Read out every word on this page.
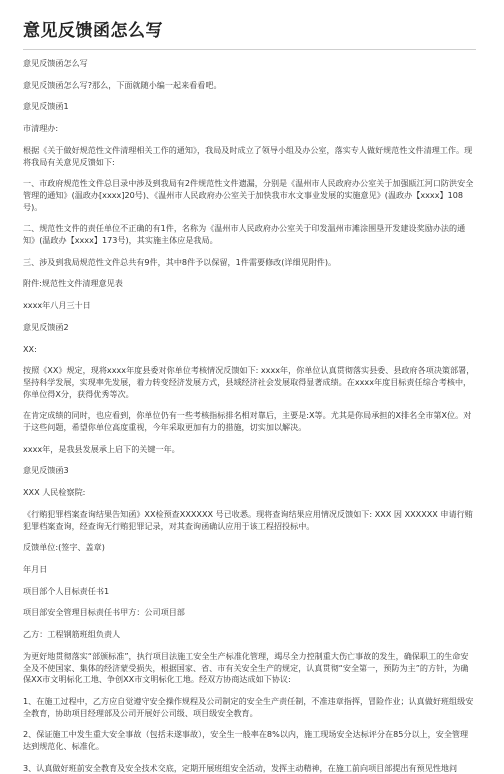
意见反馈函怎么写

意见反馈函怎么写

意见反馈函怎么写?那么，下面就随小编一起来看看吧。

意见反馈函1

市清理办:

根据《关于做好规范性文件清理相关工作的通知》，我局及时成立了领导小组及办公室，落实专人做好规范性文件清理工作。现将我局有关意见反馈如下:

一、市政府规范性文件总目录中涉及到我局有2件规范性文件遗漏，分别是《温州市人民政府办公室关于加强瓯江河口防洪安全管理的通知》(温政办[xxxx]20号)、《温州市人民政府办公室关于加快我市水文事业发展的实施意见》(温政办【xxxx】108号)。

二、规范性文件的责任单位不正确的有1件，名称为《温州市人民政府办公室关于印发温州市滩涂围垦开发建设奖励办法的通知》(温政办【xxxx】173号)，其实施主体应是我局。

三、涉及到我局规范性文件总共有9件，其中8件予以保留，1件需要修改(详细见附件)。

附件:规范性文件清理意见表

xxxx年八月三十日

意见反馈函2

XX:

按照《XX》规定，现将xxxx年度县委对你单位考核情况反馈如下: xxxx年，你单位认真贯彻落实县委、县政府各项决策部署，坚持科学发展，实现率先发展，着力转变经济发展方式，县域经济社会发展取得显著成绩。在xxxx年度目标责任综合考核中，你单位得X分，获得优秀等次。

在肯定成绩的同时，也应看到，你单位仍有一些考核指标排名相对靠后，主要是:X等。尤其是你局承担的X排名全市第X位。对于这些问题，希望你单位高度重视，今年采取更加有力的措施，切实加以解决。

xxxx年，是我县发展承上启下的关键一年。

意见反馈函3

XXX 人民检察院:

《行贿犯罪档案查询结果告知函》XX检预查XXXXXX 号已收悉。现将查询结果应用情况反馈如下: XXX 因 XXXXXX 申请行贿犯罪档案查询，经查询无行贿犯罪记录，对其查询函确认应用于该工程招投标中。

反馈单位:(签字、盖章)

年月日

项目部个人目标责任书1

项目部安全管理目标责任书甲方：公司项目部

乙方：工程钢筋班组负责人

为更好地贯彻落实“部颁标准”，执行项目法施工安全生产标准化管理，竭尽全力控制重大伤亡事故的发生，确保职工的生命安全及不使国家、集体的经济蒙受损失，根据国家、省、市有关安全生产的规定，认真贯彻“安全第一，预防为主”的方针，为确保XX市文明标化工地、争创XX市文明标化工地。经双方协商达成如下协议:

1、在施工过程中，乙方应自觉遵守安全操作规程及公司制定的安全生产责任制，不准违章指挥，冒险作业；认真做好班组级安全教育，协助项目经理部及公司开展好公司级、项目级安全教育。

2、保证施工中发生重大安全事故（包括未遂事故），安全生一般率在8%以内，施工现场安全达标评分在85分以上，安全管理达到规范化、标准化。

3、认真做好班前安全教育及安全技术交底，定期开展班组安全活动，发挥主动精神，在施工前向项目部提出有预见性地问
